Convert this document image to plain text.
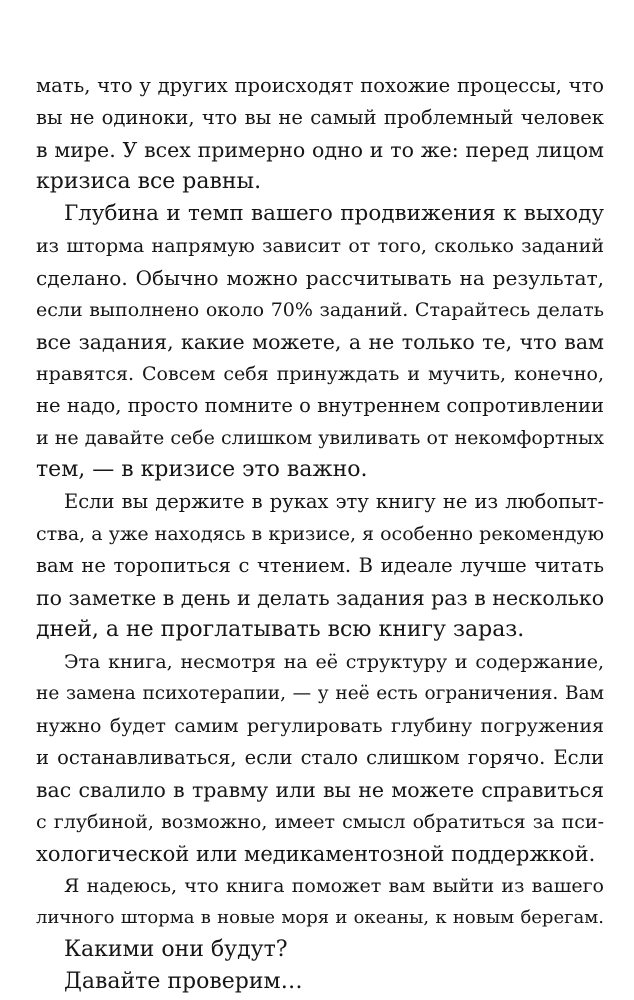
мать, что у других происходят похожие процессы, что
вы не одиноки, что вы не самый проблемный человек
в мире. У всех примерно одно и то же: перед лицом
кризиса все равны.
Глубина и темп вашего продвижения к выходу
из шторма напрямую зависит от того, сколько заданий
сделано. Обычно можно рассчитывать на результат,
если выполнено около 70% заданий. Старайтесь делать
все задания, какие можете, а не только те, что вам
нравятся. Совсем себя принуждать и мучить, конечно,
не надо, просто помните о внутреннем сопротивлении
и не давайте себе слишком увиливать от некомфортных
тем, — в кризисе это важно.
Если вы держите в руках эту книгу не из любопыт-
ства, а уже находясь в кризисе, я особенно рекомендую
вам не торопиться с чтением. В идеале лучше читать
по заметке в день и делать задания раз в несколько
дней, а не проглатывать всю книгу зараз.
Эта книга, несмотря на её структуру и содержание,
не замена психотерапии, — у неё есть ограничения. Вам
нужно будет самим регулировать глубину погружения
и останавливаться, если стало слишком горячо. Если
вас свалило в травму или вы не можете справиться
с глубиной, возможно, имеет смысл обратиться за пси-
хологической или медикаментозной поддержкой.
Я надеюсь, что книга поможет вам выйти из вашего
личного шторма в новые моря и океаны, к новым берегам.
Какими они будут?
Давайте проверим…
